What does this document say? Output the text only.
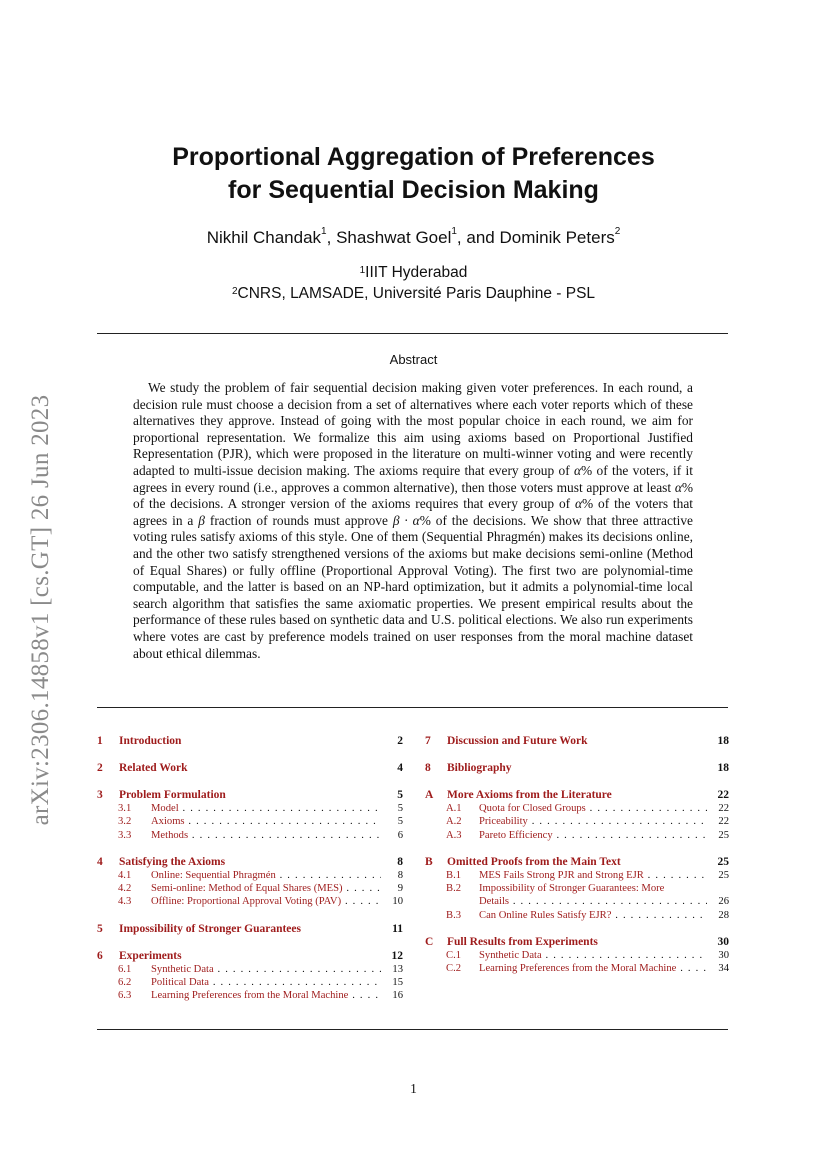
arXiv:2306.14858v1 [cs.GT] 26 Jun 2023
Proportional Aggregation of Preferences
for Sequential Decision Making
Nikhil Chandak$^1$, Shashwat Goel$^1$, and Dominik Peters$^2$
$^1$IIIT Hyderabad
$^2$CNRS, LAMSADE, Université Paris Dauphine - PSL
Abstract

We study the problem of fair sequential decision making given voter preferences. In each round, a decision rule must choose a decision from a set of alternatives where each voter reports which of these alternatives they approve. Instead of going with the most popular choice in each round, we aim for proportional representation. We formalize this aim using axioms based on Proportional Justified Representation (PJR), which were proposed in the literature on multi-winner voting and were recently adapted to multi-issue decision making. The axioms require that every group of α% of the voters, if it agrees in every round (i.e., approves a common alternative), then those voters must approve at least α% of the decisions. A stronger version of the axioms requires that every group of α% of the voters that agrees in a β fraction of rounds must approve β · α% of the decisions. We show that three attractive voting rules satisfy axioms of this style. One of them (Sequential Phragmén) makes its decisions online, and the other two satisfy strengthened versions of the axioms but make decisions semi-online (Method of Equal Shares) or fully offline (Proportional Approval Voting). The first two are polynomial-time computable, and the latter is based on an NP-hard optimization, but it admits a polynomial-time local search algorithm that satisfies the same axiomatic properties. We present empirical results about the performance of these rules based on synthetic data and U.S. political elections. We also run experiments where votes are cast by preference models trained on user responses from the moral machine dataset about ethical dilemmas.

1	Introduction	2
2	Related Work	4
3	Problem Formulation	5
3.1 Model . . .	5
3.2 Axioms . . .	5
3.3 Methods . . .	6
4	Satisfying the Axioms	8
4.1 Online: Sequential Phragmén . . .	8
4.2 Semi-online: Method of Equal Shares (MES) . . .	9
4.3 Offline: Proportional Approval Voting (PAV) . . .	10
5	Impossibility of Stronger Guarantees	11
6	Experiments	12
6.1 Synthetic Data . . .	13
6.2 Political Data . . .	15
6.3 Learning Preferences from the Moral Machine . . .	16
7	Discussion and Future Work	18
8	Bibliography	18
A	More Axioms from the Literature	22
A.1 Quota for Closed Groups . . .	22
A.2 Priceability . . .	22
A.3 Pareto Efficiency . . .	25
B	Omitted Proofs from the Main Text	25
B.1 MES Fails Strong PJR and Strong EJR . . .	25
B.2 Impossibility of Stronger Guarantees: More
Details . . .	26
B.3 Can Online Rules Satisfy EJR? . . .	28
C	Full Results from Experiments	30
C.1 Synthetic Data . . .	30
C.2 Learning Preferences from the Moral Machine . . .	34
1
